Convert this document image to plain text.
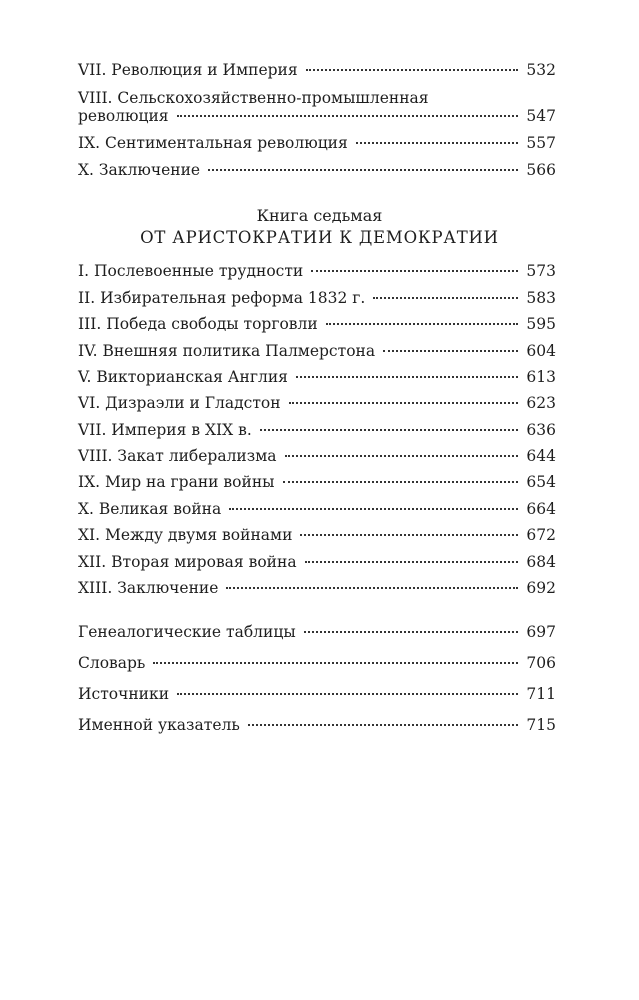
VII. Революция и Империя	532
VIII. Сельскохозяйственно-промышленная
революция	547
IX. Сентиментальная революция	557
X. Заключение	566
Книга седьмая
ОТ АРИСТОКРАТИИ К ДЕМОКРАТИИ
I. Послевоенные трудности	573
II. Избирательная реформа 1832 г.	583
III. Победа свободы торговли	595
IV. Внешняя политика Палмерстона	604
V. Викторианская Англия	613
VI. Дизраэли и Гладстон	623
VII. Империя в XIX в.	636
VIII. Закат либерализма	644
IX. Мир на грани войны	654
X. Великая война	664
XI. Между двумя войнами	672
XII. Вторая мировая война	684
XIII. Заключение	692
Генеалогические таблицы	697
Словарь	706
Источники	711
Именной указатель	715
